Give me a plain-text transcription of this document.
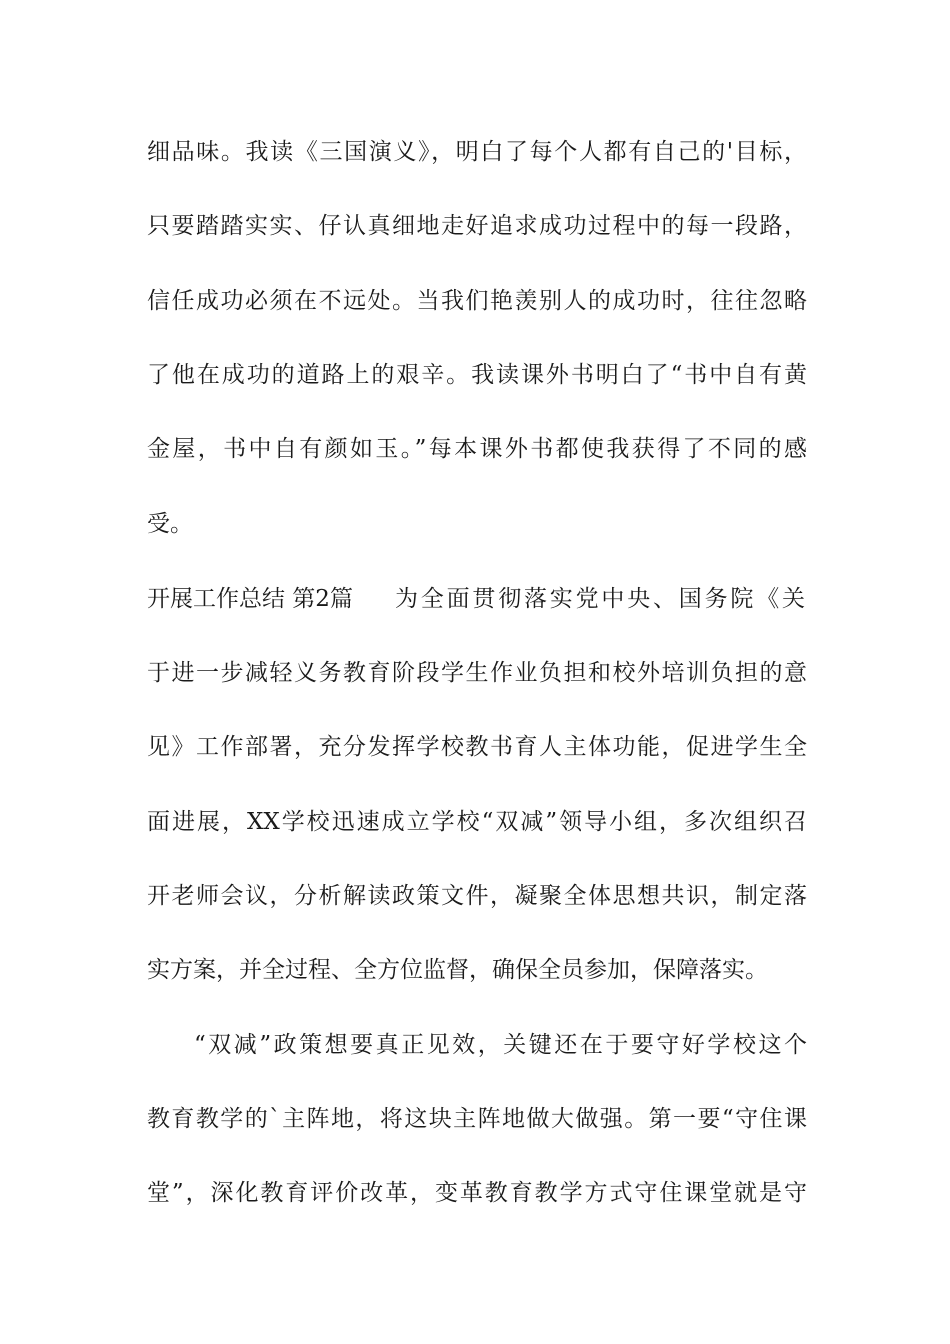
细品味。我读《三国演义》，明白了每个人都有自己的'目标，
只要踏踏实实、仔认真细地走好追求成功过程中的每一段路，
信任成功必须在不远处。当我们艳羡别人的成功时，往往忽略
了他在成功的道路上的艰辛。我读课外书明白了“书中自有黄
金屋，书中自有颜如玉。”每本课外书都使我获得了不同的感
受。
开展工作总结 第2篇 为全面贯彻落实党中央、国务院《关
于进一步减轻义务教育阶段学生作业负担和校外培训负担的意
见》工作部署，充分发挥学校教书育人主体功能，促进学生全
面进展，XX学校迅速成立学校“双减”领导小组，多次组织召
开老师会议，分析解读政策文件，凝聚全体思想共识，制定落
实方案，并全过程、全方位监督，确保全员参加，保障落实。
“双减”政策想要真正见效，关键还在于要守好学校这个
教育教学的`主阵地，将这块主阵地做大做强。第一要“守住课
堂”，深化教育评价改革，变革教育教学方式守住课堂就是守
